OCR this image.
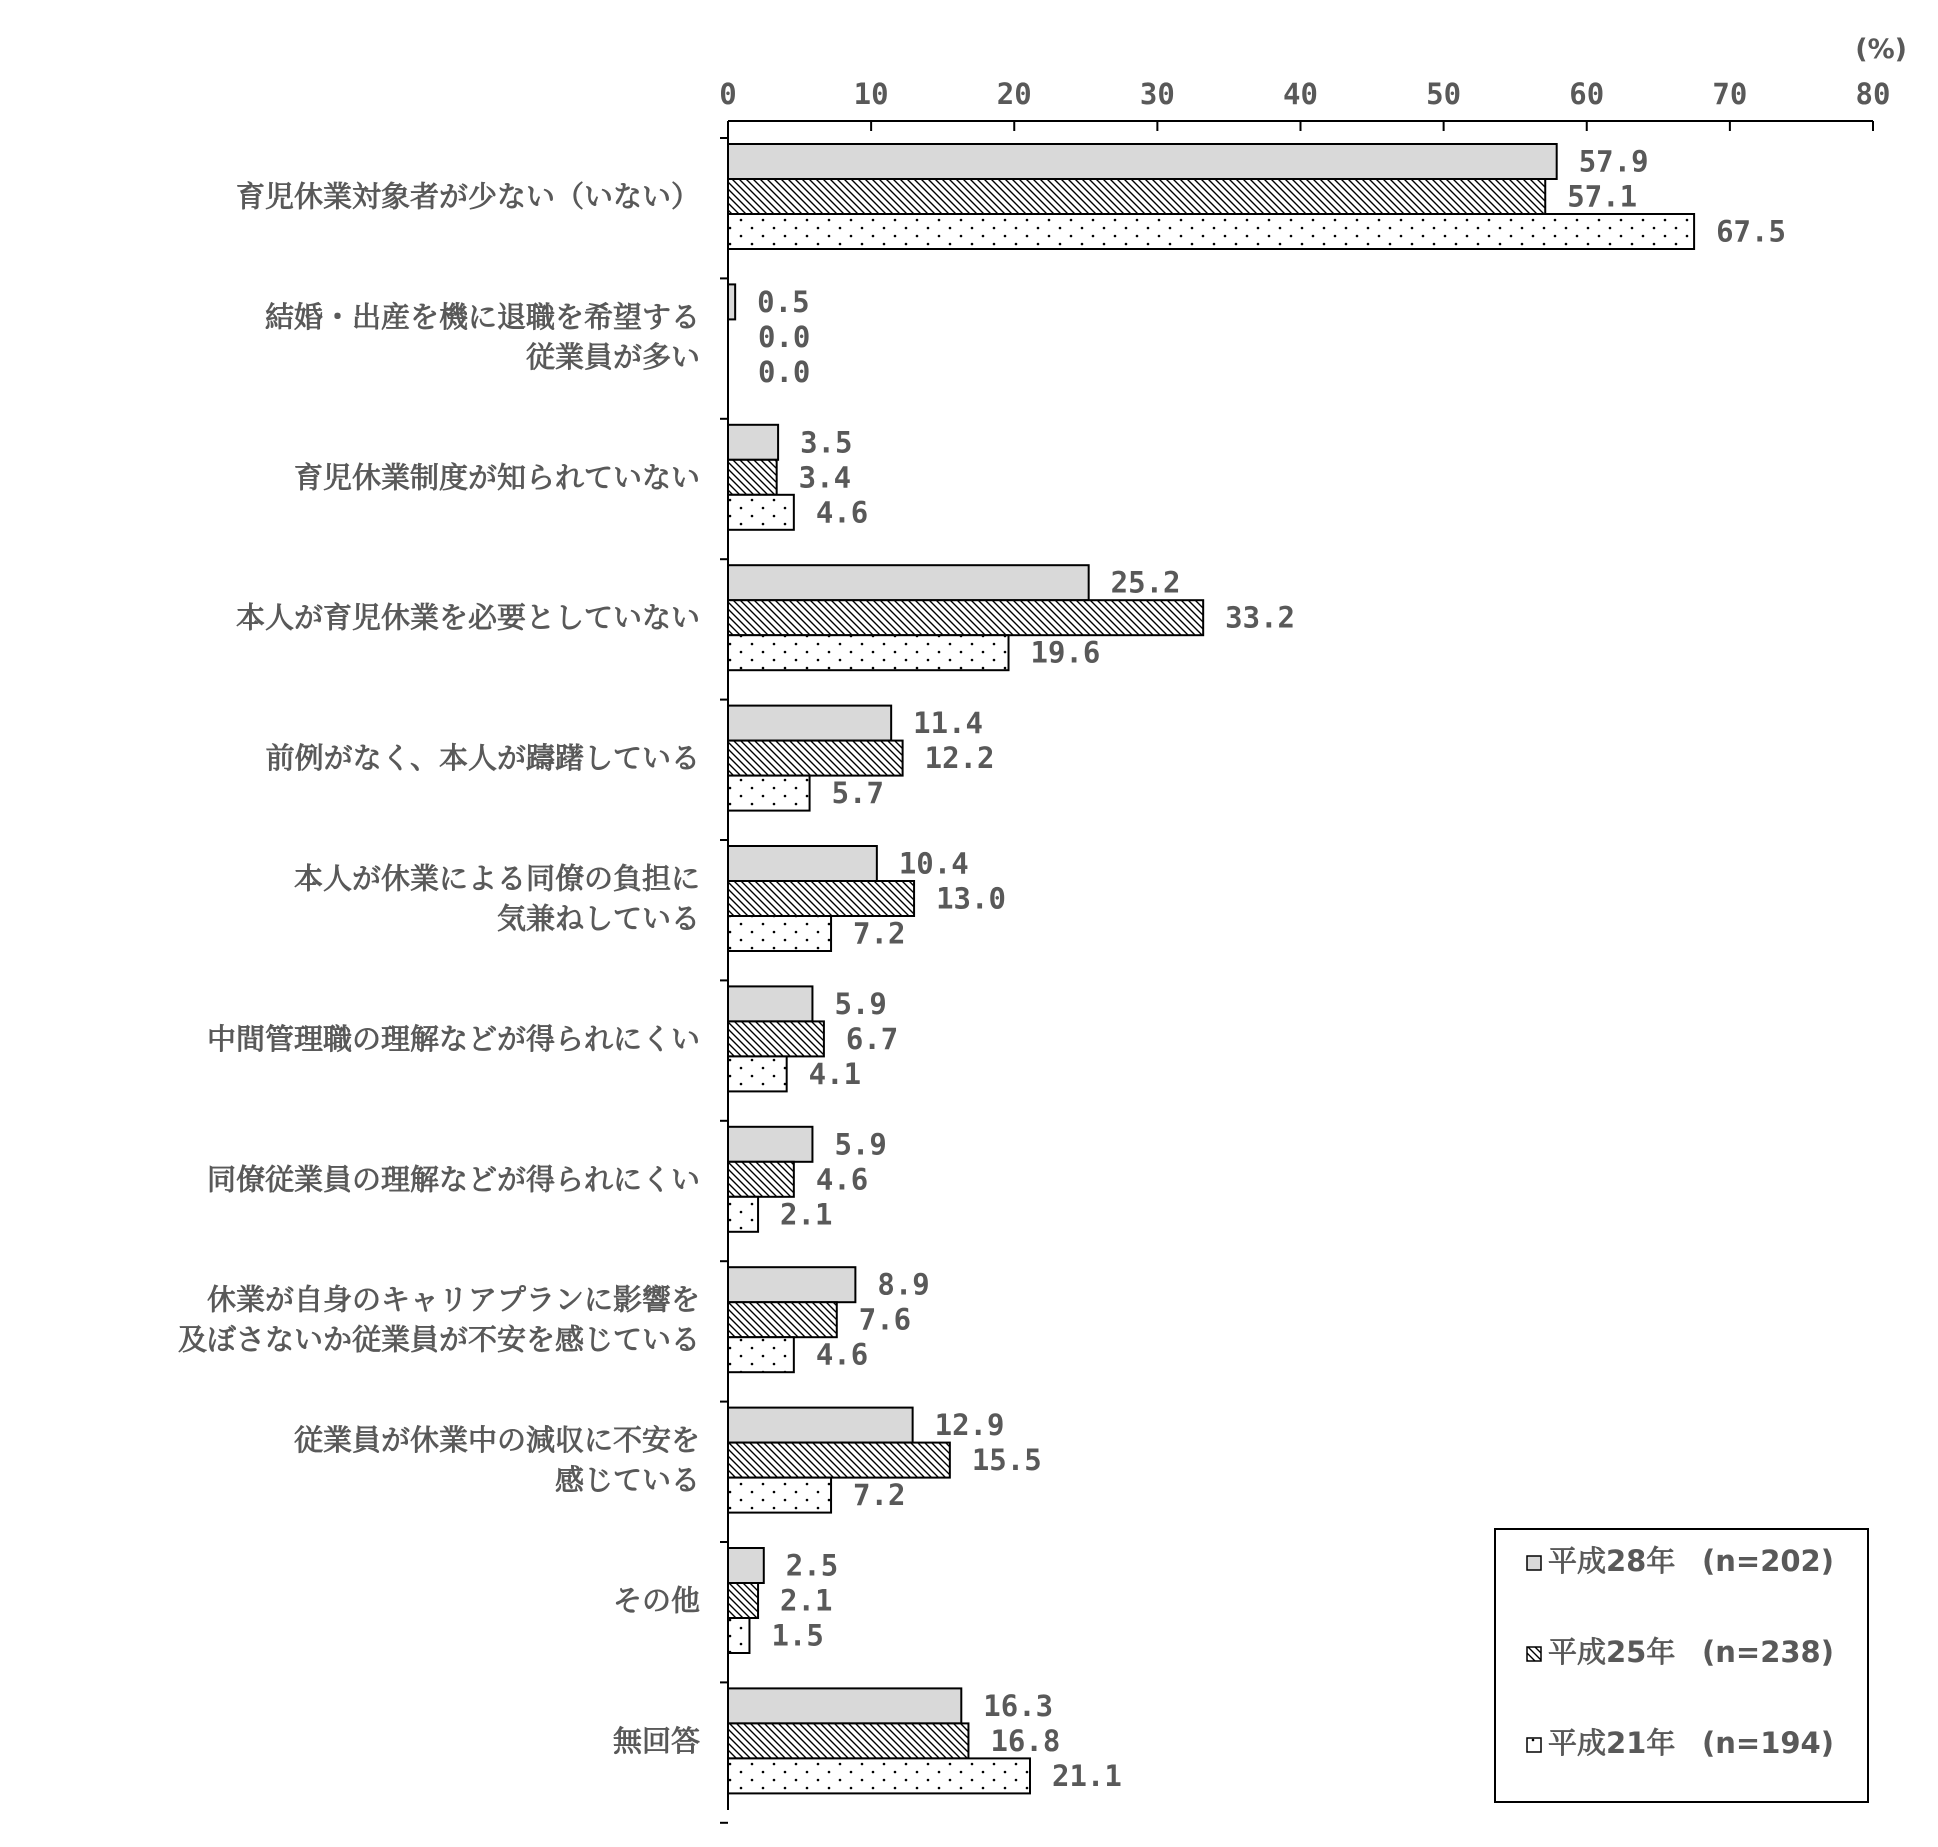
(%)
0	10	20	30	40	50	60	70	80
57.9
57.1
67.5
0.5
0.0
0.0
3.5
3.4
4.6
25.2
33.2
19.6
11.4
12.2
5.7
10.4
13.0
7.2
5.9
6.7
4.1
5.9
4.6
2.1
8.9
7.6
4.6
12.9
15.5
7.2
2.5
2.1
1.5
16.3
16.8
21.1
育児休業対象者が少ない（いない）
結婚・出産を機に退職を希望する
従業員が多い
育児休業制度が知られていない
本人が育児休業を必要としていない
前例がなく、本人が躊躇している
本人が休業による同僚の負担に
気兼ねしている
中間管理職の理解などが得られにくい
同僚従業員の理解などが得られにくい
休業が自身のキャリアプランに影響を
及ぼさないか従業員が不安を感じている
従業員が休業中の減収に不安を
感じている
その他
無回答
平成28年 (n=202)
平成25年 (n=238)
平成21年 (n=194)
